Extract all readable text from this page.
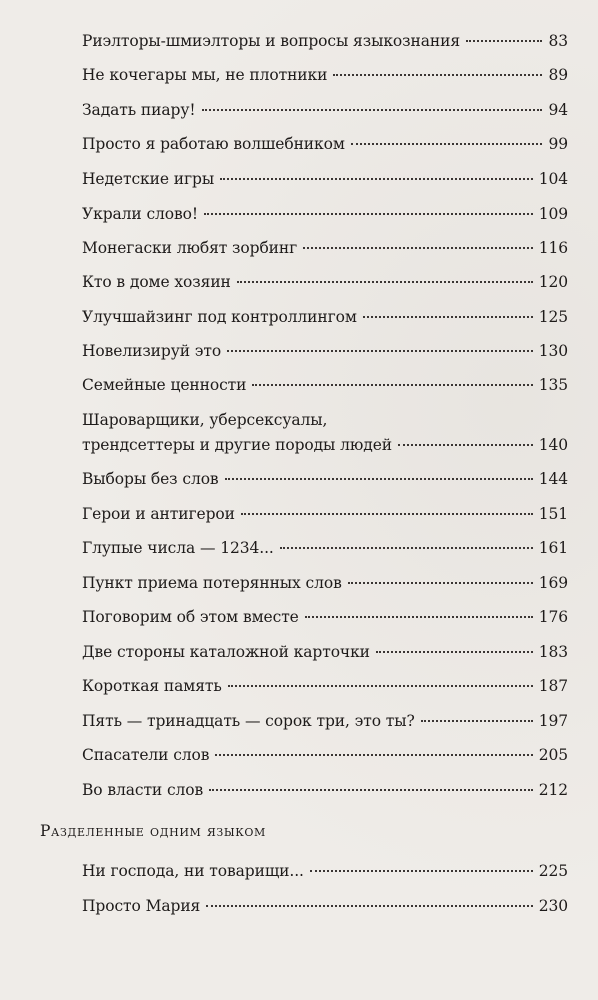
Риэлторы-шмиэлторы и вопросы языкознания	83
Не кочегары мы, не плотники	89
Задать пиару!	94
Просто я работаю волшебником	99
Недетские игры	104
Украли слово!	109
Монегаски любят зорбинг	116
Кто в доме хозяин	120
Улучшайзинг под контроллингом	125
Новелизируй это	130
Семейные ценности	135
Шароварщики, уберсексуалы,
трендсеттеры и другие породы людей	140
Выборы без слов	144
Герои и антигерои	151
Глупые числа — 1234...	161
Пункт приема потерянных слов	169
Поговорим об этом вместе	176
Две стороны каталожной карточки	183
Короткая память	187
Пять — тринадцать — сорок три, это ты?	197
Спасатели слов	205
Во власти слов	212
Разделенные одним языком
Ни господа, ни товарищи...	225
Просто Мария	230
